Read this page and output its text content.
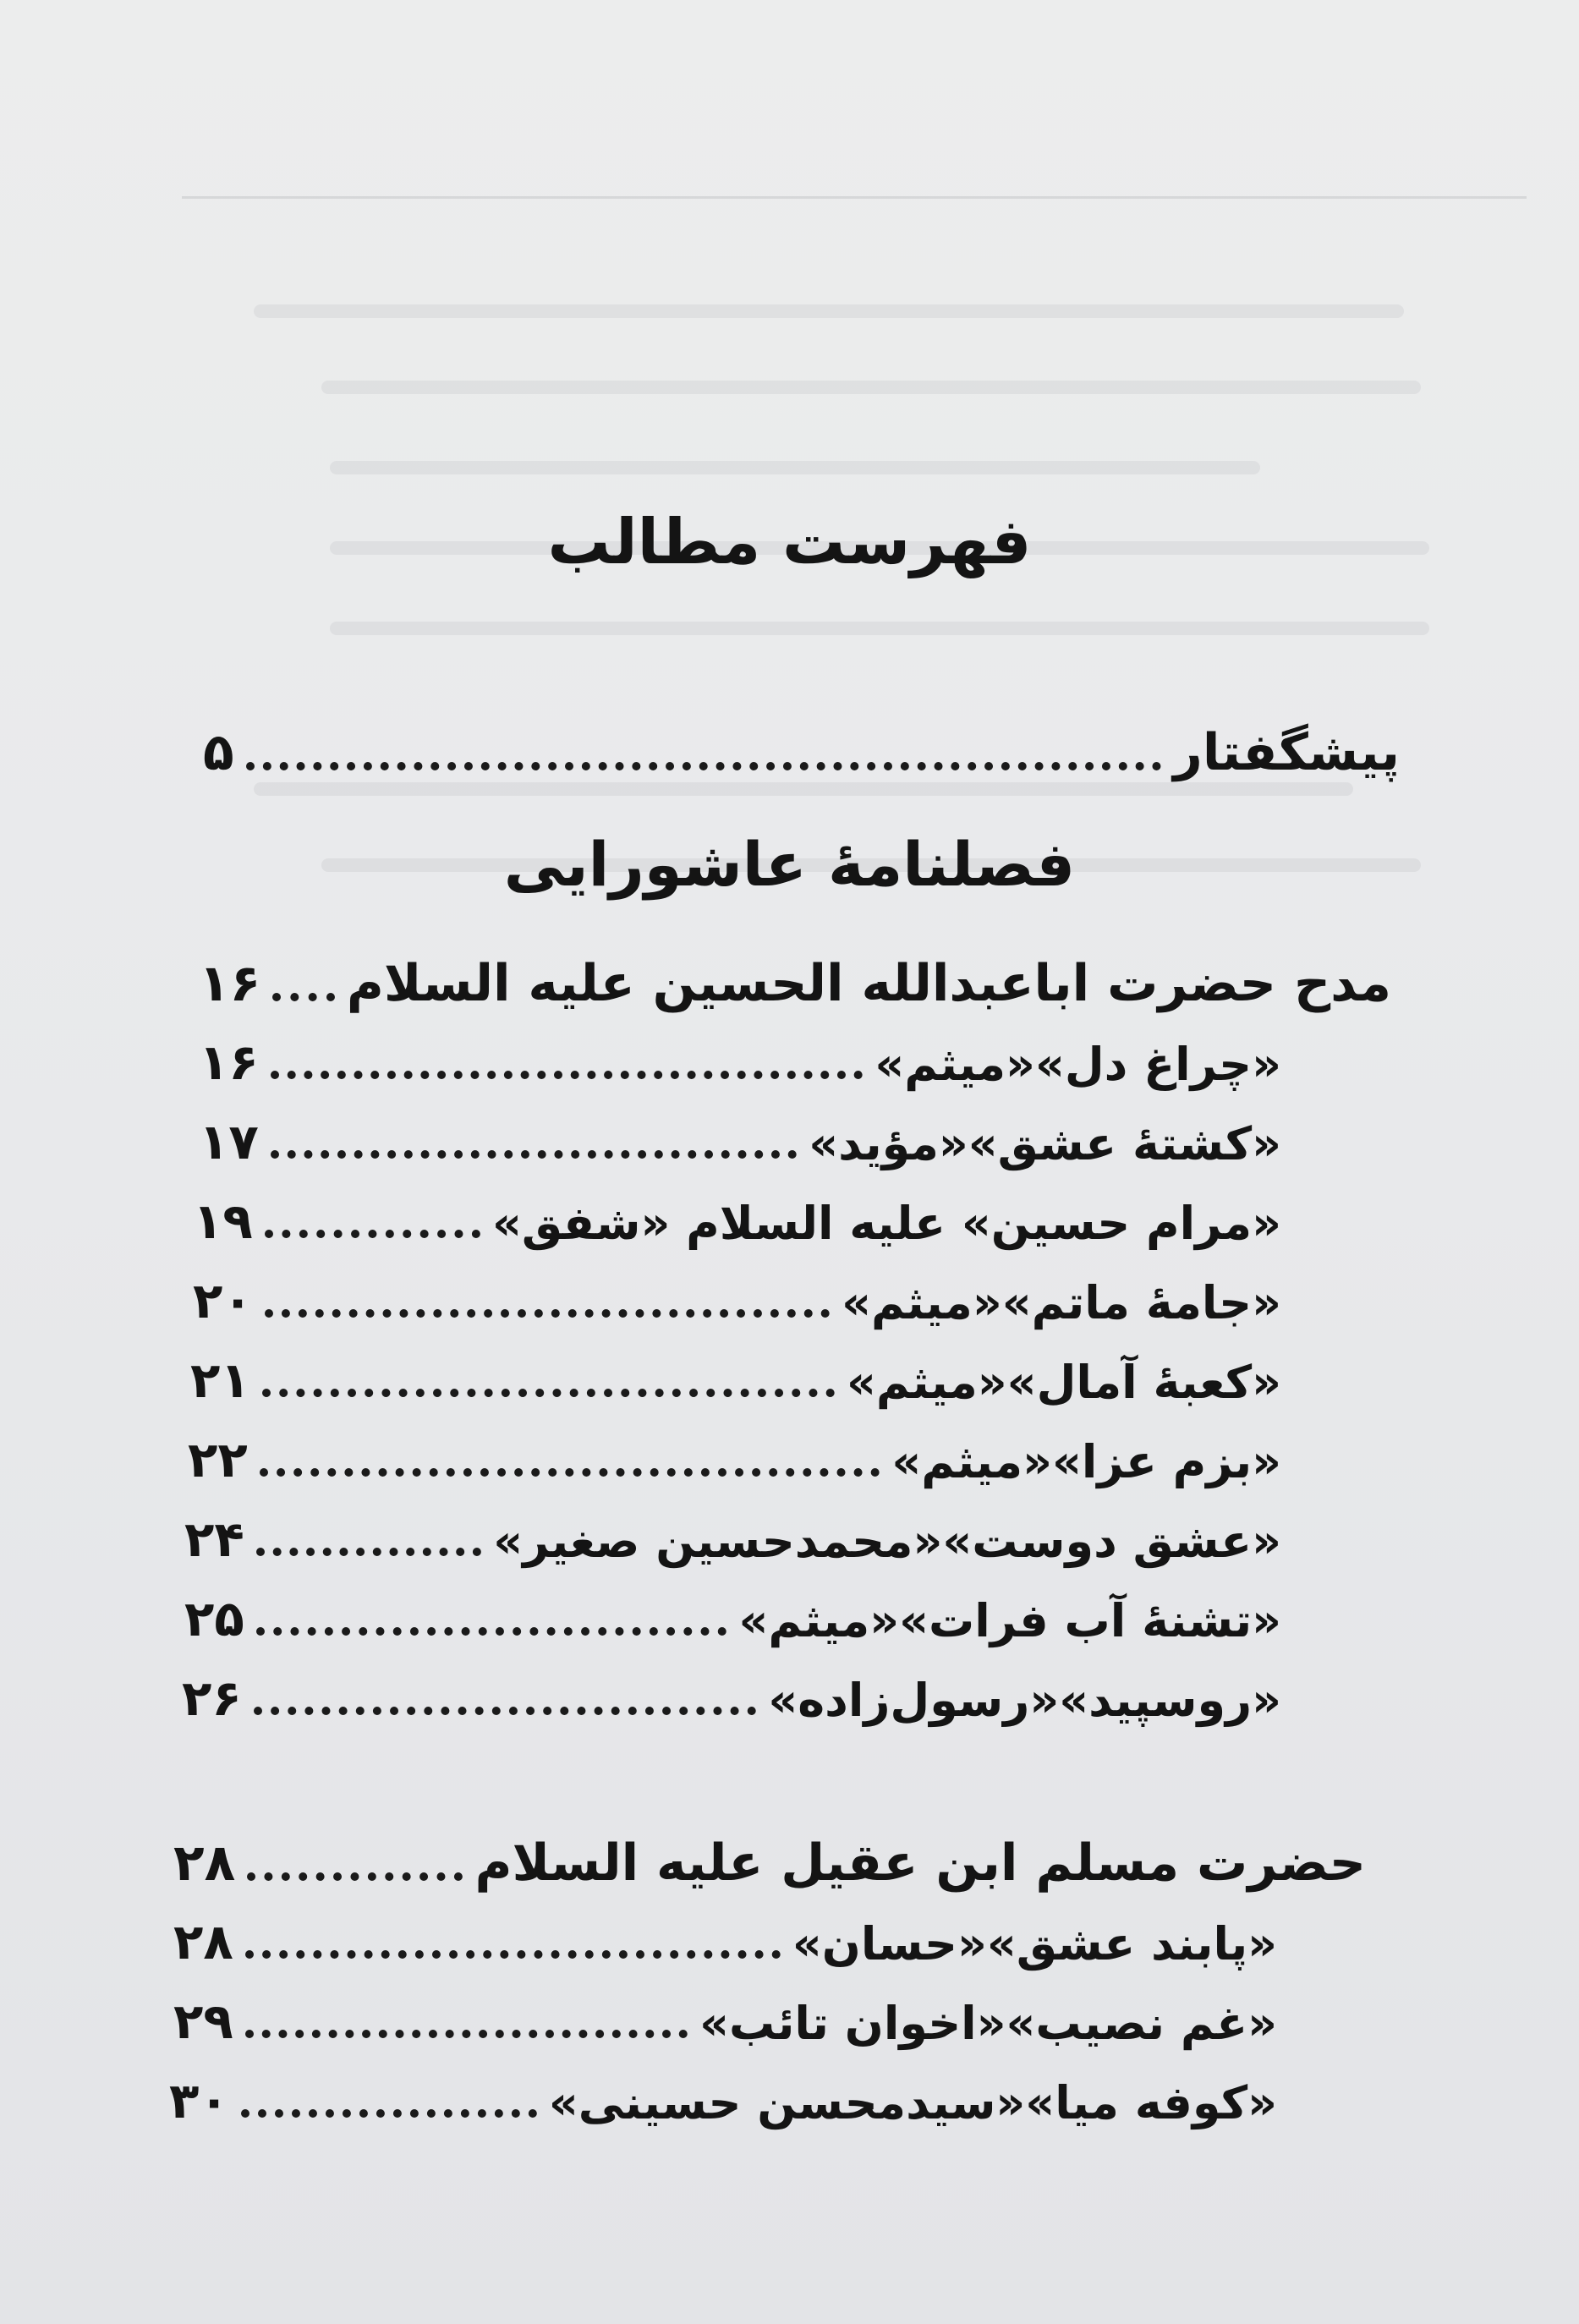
فهرست مطالب
پیشگفتار
۵
فصلنامهٔ عاشورایی
مدح حضرت اباعبدالله الحسین علیه السلام
۱۶
«چراغ دل»«میثم»
۱۶
«کشتهٔ عشق»«مؤید»
۱۷
«مرام حسین» علیه السلام «شفق»
۱۹
«جامهٔ ماتم»«میثم»
۲۰
«کعبهٔ آمال»«میثم»
۲۱
«بزم عزا»«میثم»
۲۲
«عشق دوست»«محمدحسین صغیر»
۲۴
«تشنهٔ آب فرات»«میثم»
۲۵
«روسپید»«رسول‌زاده»
۲۶
حضرت مسلم ابن عقیل علیه السلام
۲۸
«پابند عشق»«حسان»
۲۸
«غم نصیب»«اخوان تائب»
۲۹
«کوفه میا»«سیدمحسن حسینی»
۳۰
